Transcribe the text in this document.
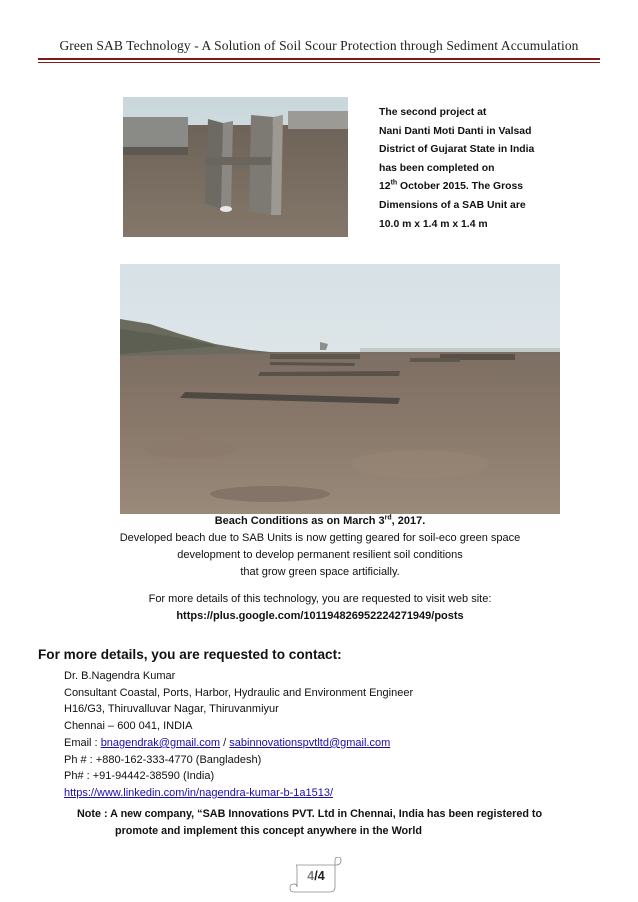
Green SAB Technology - A Solution of Soil Scour Protection through Sediment Accumulation
The second project at
Nani Danti Moti Danti in Valsad
District of Gujarat State in India
has been completed on
12th October 2015. The Gross
Dimensions of a SAB Unit are
10.0 m x 1.4 m x 1.4 m
Beach Conditions as on March 3rd, 2017.
Developed beach due to SAB Units is now getting geared for soil-eco green space
development to develop permanent resilient soil conditions
that grow green space artificially.
For more details of this technology, you are requested to visit web site:
https://plus.google.com/101194826952224271949/posts
For more details, you are requested to contact:
Dr. B.Nagendra Kumar
Consultant Coastal, Ports, Harbor, Hydraulic and Environment Engineer
H16/G3, Thiruvalluvar Nagar, Thiruvanmiyur
Chennai – 600 041, INDIA
Email : bnagendrak@gmail.com / sabinnovationspvtltd@gmail.com
Ph # : +880-162-333-4770 (Bangladesh)
Ph# : +91-94442-38590 (India)
https://www.linkedin.com/in/nagendra-kumar-b-1a1513/
Note : A new company, “SAB Innovations PVT. Ltd in Chennai, India has been registered to
promote and implement this concept anywhere in the World
4/4
